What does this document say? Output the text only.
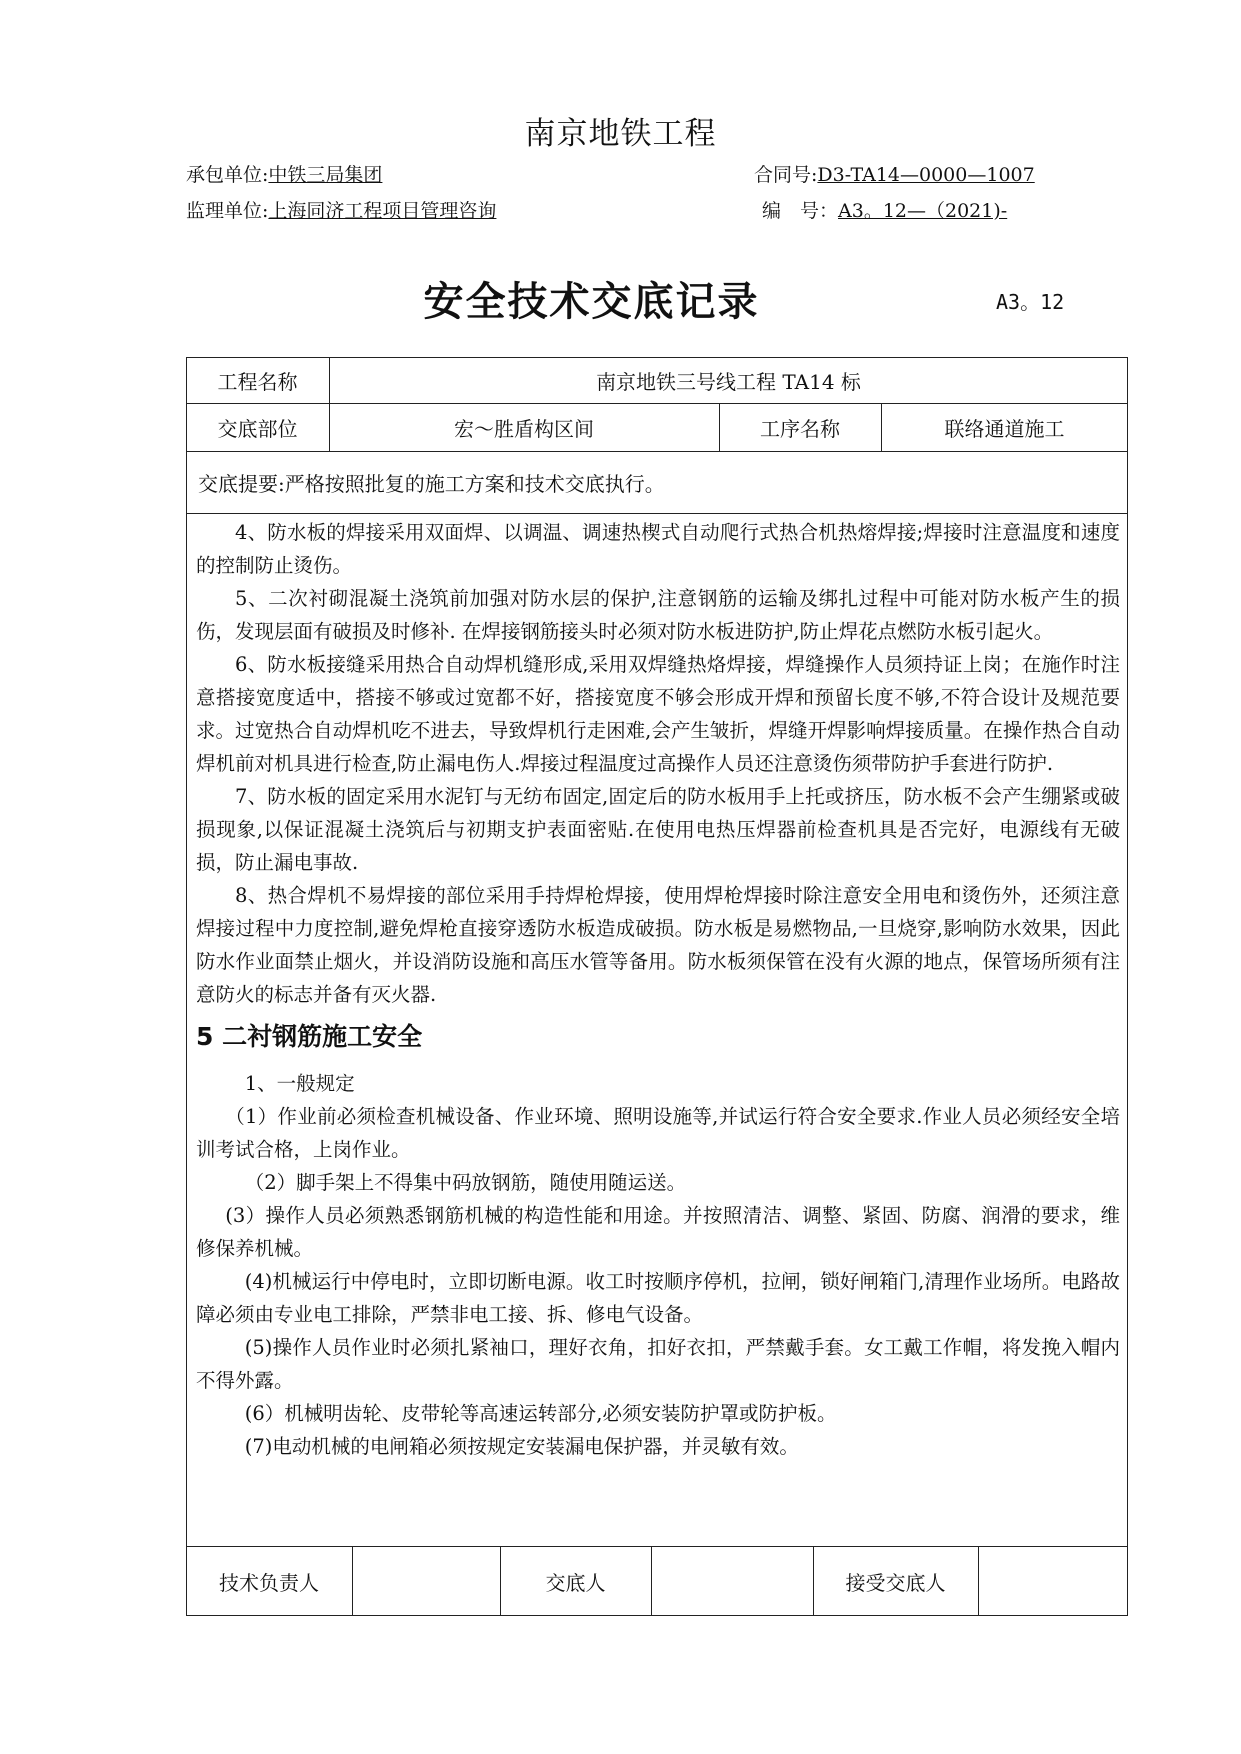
南京地铁工程
承包单位:中铁三局集团	合同号:D3-TA14—0000—1007
监理单位:上海同济工程项目管理咨询	编　号：A3。12—（2021)-
安全技术交底记录	A3。12
工程名称	南京地铁三号线工程 TA14 标
交底部位	宏～胜盾构区间	工序名称	联络通道施工
交底提要:严格按照批复的施工方案和技术交底执行。

4、防水板的焊接采用双面焊、以调温、调速热楔式自动爬行式热合机热熔焊接;焊接时注意温度和速度的控制防止烫伤。

5、二次衬砌混凝土浇筑前加强对防水层的保护,注意钢筋的运输及绑扎过程中可能对防水板产生的损伤，发现层面有破损及时修补. 在焊接钢筋接头时必须对防水板进防护,防止焊花点燃防水板引起火。

6、防水板接缝采用热合自动焊机缝形成,采用双焊缝热烙焊接，焊缝操作人员须持证上岗；在施作时注意搭接宽度适中，搭接不够或过宽都不好，搭接宽度不够会形成开焊和预留长度不够,不符合设计及规范要求。过宽热合自动焊机吃不进去，导致焊机行走困难,会产生皱折，焊缝开焊影响焊接质量。在操作热合自动焊机前对机具进行检查,防止漏电伤人.焊接过程温度过高操作人员还注意烫伤须带防护手套进行防护.

7、防水板的固定采用水泥钉与无纺布固定,固定后的防水板用手上托或挤压，防水板不会产生绷紧或破损现象,以保证混凝土浇筑后与初期支护表面密贴.在使用电热压焊器前检查机具是否完好，电源线有无破损，防止漏电事故.

8、热合焊机不易焊接的部位采用手持焊枪焊接，使用焊枪焊接时除注意安全用电和烫伤外，还须注意焊接过程中力度控制,避免焊枪直接穿透防水板造成破损。防水板是易燃物品,一旦烧穿,影响防水效果，因此防水作业面禁止烟火，并设消防设施和高压水管等备用。防水板须保管在没有火源的地点，保管场所须有注意防火的标志并备有灭火器.

5 二衬钢筋施工安全

1、一般规定

（1）作业前必须检查机械设备、作业环境、照明设施等,并试运行符合安全要求.作业人员必须经安全培训考试合格，上岗作业。

（2）脚手架上不得集中码放钢筋，随使用随运送。

(3）操作人员必须熟悉钢筋机械的构造性能和用途。并按照清洁、调整、紧固、防腐、润滑的要求，维修保养机械。

(4)机械运行中停电时，立即切断电源。收工时按顺序停机，拉闸，锁好闸箱门,清理作业场所。电路故障必须由专业电工排除，严禁非电工接、拆、修电气设备。

(5)操作人员作业时必须扎紧袖口，理好衣角，扣好衣扣，严禁戴手套。女工戴工作帽，将发挽入帽内不得外露。

(6）机械明齿轮、皮带轮等高速运转部分,必须安装防护罩或防护板。

(7)电动机械的电闸箱必须按规定安装漏电保护器，并灵敏有效。

技术负责人	交底人	接受交底人
